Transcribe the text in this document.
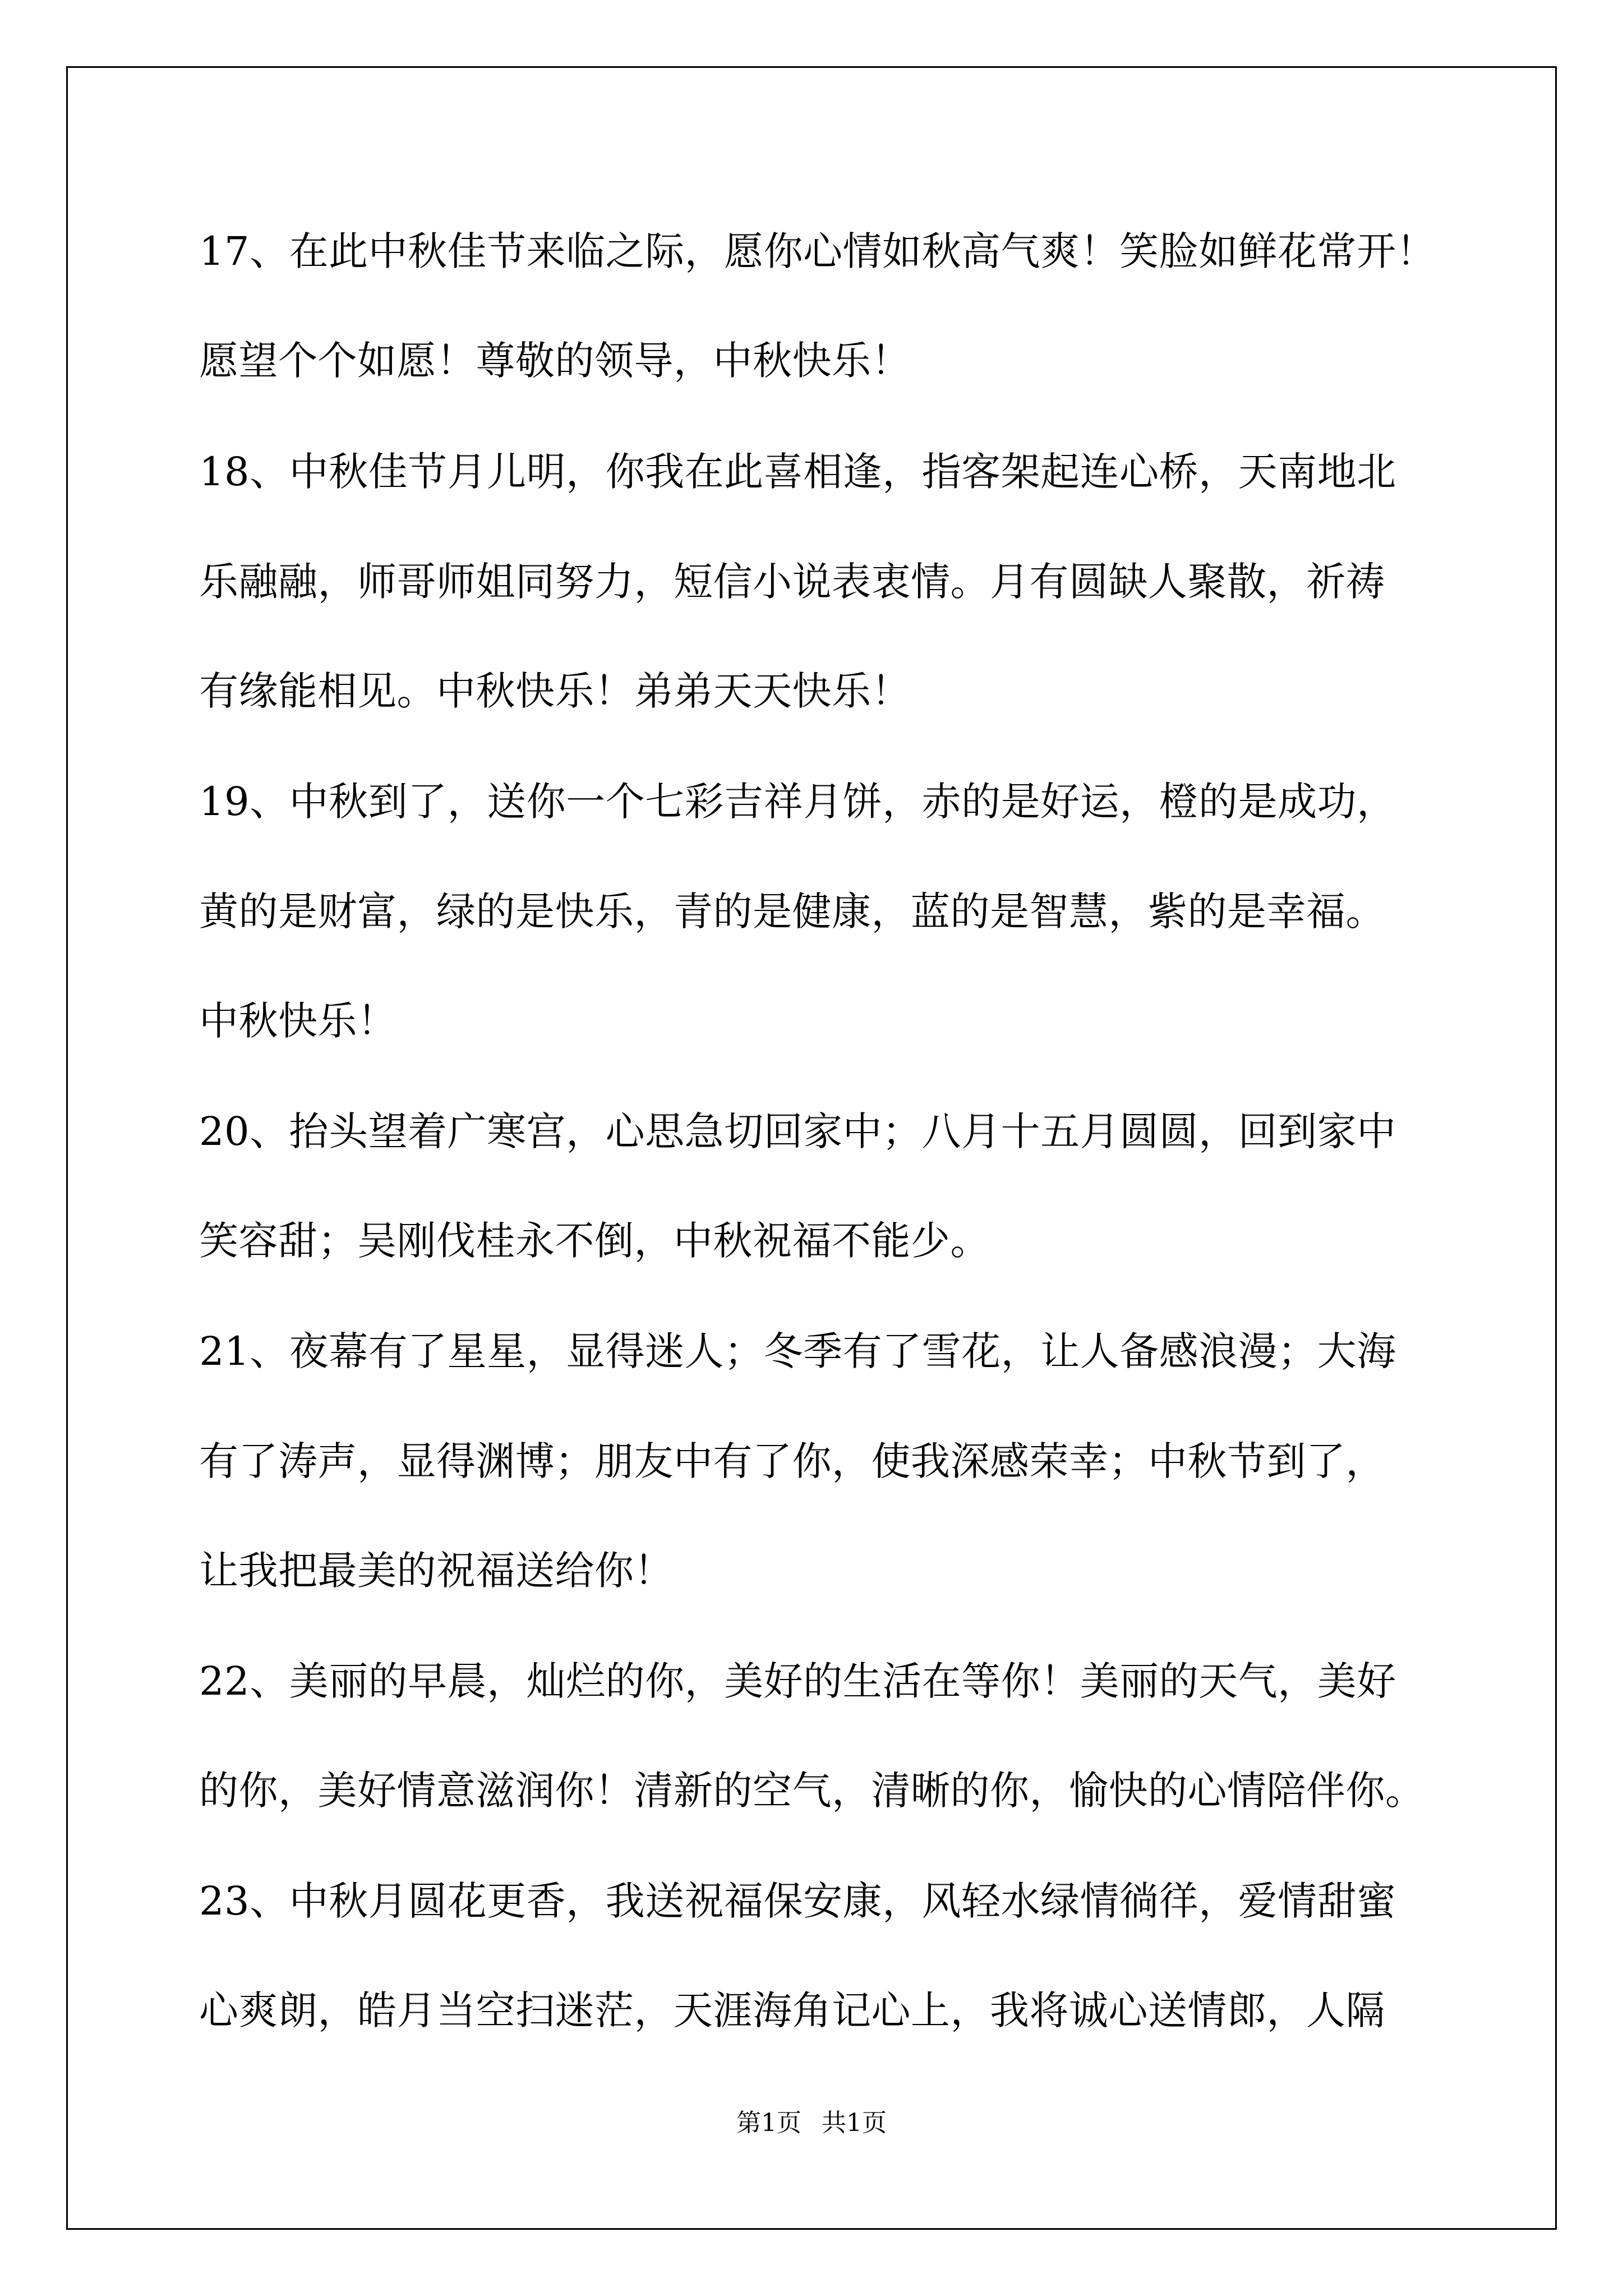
17、在此中秋佳节来临之际，愿你心情如秋高气爽！笑脸如鲜花常开！
愿望个个如愿！尊敬的领导，中秋快乐！
18、中秋佳节月儿明，你我在此喜相逢，指客架起连心桥，天南地北
乐融融，师哥师姐同努力，短信小说表衷情。月有圆缺人聚散，祈祷
有缘能相见。中秋快乐！弟弟天天快乐！
19、中秋到了，送你一个七彩吉祥月饼，赤的是好运，橙的是成功，
黄的是财富，绿的是快乐，青的是健康，蓝的是智慧，紫的是幸福。
中秋快乐！
20、抬头望着广寒宫，心思急切回家中；八月十五月圆圆，回到家中
笑容甜；吴刚伐桂永不倒，中秋祝福不能少。
21、夜幕有了星星，显得迷人；冬季有了雪花，让人备感浪漫；大海
有了涛声，显得渊博；朋友中有了你，使我深感荣幸；中秋节到了，
让我把最美的祝福送给你！
22、美丽的早晨，灿烂的你，美好的生活在等你！美丽的天气，美好
的你，美好情意滋润你！清新的空气，清晰的你，愉快的心情陪伴你。
23、中秋月圆花更香，我送祝福保安康，风轻水绿情徜徉，爱情甜蜜
心爽朗，皓月当空扫迷茫，天涯海角记心上，我将诚心送情郎，人隔
第1页 共1页
